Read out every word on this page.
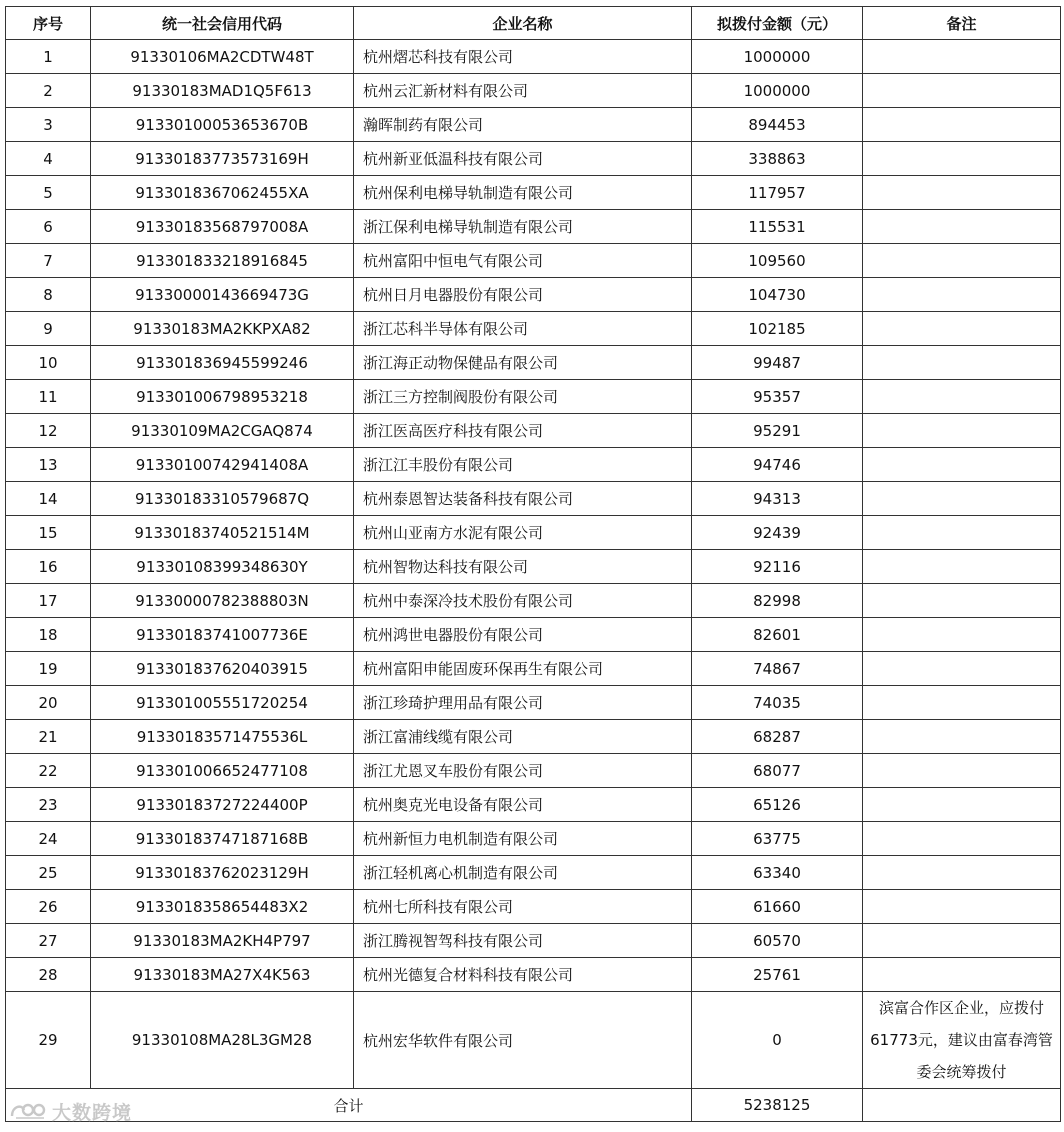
序号	统一社会信用代码	企业名称	拟拨付金额（元）	备注
1	91330106MA2CDTW48T	杭州熠芯科技有限公司	1000000	
2	91330183MAD1Q5F613	杭州云汇新材料有限公司	1000000	
3	91330100053653670B	瀚晖制药有限公司	894453	
4	91330183773573169H	杭州新亚低温科技有限公司	338863	
5	9133018367062455XA	杭州保利电梯导轨制造有限公司	117957	
6	91330183568797008A	浙江保利电梯导轨制造有限公司	115531	
7	913301833218916845	杭州富阳中恒电气有限公司	109560	
8	91330000143669473G	杭州日月电器股份有限公司	104730	
9	91330183MA2KKPXA82	浙江芯科半导体有限公司	102185	
10	913301836945599246	浙江海正动物保健品有限公司	99487	
11	913301006798953218	浙江三方控制阀股份有限公司	95357	
12	91330109MA2CGAQ874	浙江医高医疗科技有限公司	95291	
13	91330100742941408A	浙江江丰股份有限公司	94746	
14	91330183310579687Q	杭州泰恩智达装备科技有限公司	94313	
15	91330183740521514M	杭州山亚南方水泥有限公司	92439	
16	91330108399348630Y	杭州智物达科技有限公司	92116	
17	91330000782388803N	杭州中泰深冷技术股份有限公司	82998	
18	91330183741007736E	杭州鸿世电器股份有限公司	82601	
19	913301837620403915	杭州富阳申能固废环保再生有限公司	74867	
20	913301005551720254	浙江珍琦护理用品有限公司	74035	
21	91330183571475536L	浙江富浦线缆有限公司	68287	
22	913301006652477108	浙江尤恩叉车股份有限公司	68077	
23	91330183727224400P	杭州奥克光电设备有限公司	65126	
24	91330183747187168B	杭州新恒力电机制造有限公司	63775	
25	91330183762023129H	浙江轻机离心机制造有限公司	63340	
26	9133018358654483X2	杭州七所科技有限公司	61660	
27	91330183MA2KH4P797	浙江腾视智驾科技有限公司	60570	
28	91330183MA27X4K563	杭州光德复合材料科技有限公司	25761	
29	91330108MA28L3GM28	杭州宏华软件有限公司	0	滨富合作区企业，应拨付61773元，建议由富春湾管委会统筹拨付
合计			5238125	
大数跨境
